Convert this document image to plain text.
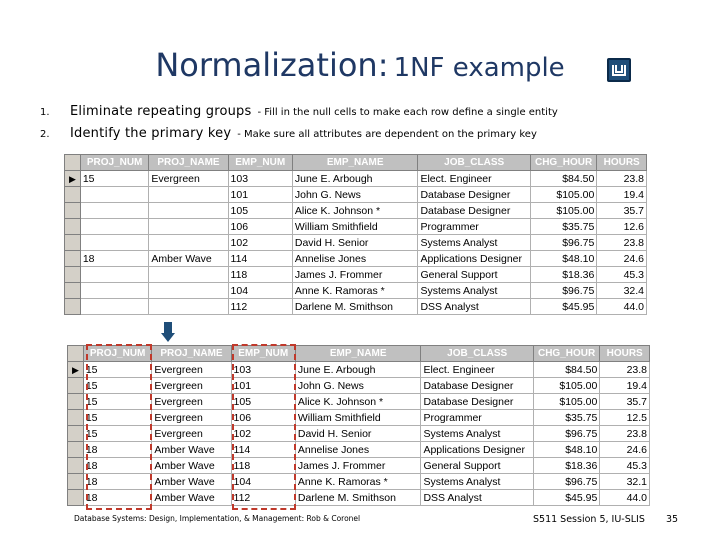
Normalization: 1NF example
1.	Eliminate repeating groups - Fill in the null cells to make each row define a single entity
2.	Identify the primary key - Make sure all attributes are dependent on the primary key
	PROJ_NUM	PROJ_NAME	EMP_NUM	EMP_NAME	JOB_CLASS	CHG_HOUR	HOURS
▶	15	Evergreen	103	June E. Arbough	Elect. Engineer	$84.50	23.8
			101	John G. News	Database Designer	$105.00	19.4
			105	Alice K. Johnson *	Database Designer	$105.00	35.7
			106	William Smithfield	Programmer	$35.75	12.6
			102	David H. Senior	Systems Analyst	$96.75	23.8
	18	Amber Wave	114	Annelise Jones	Applications Designer	$48.10	24.6
			118	James J. Frommer	General Support	$18.36	45.3
			104	Anne K. Ramoras *	Systems Analyst	$96.75	32.4
			112	Darlene M. Smithson	DSS Analyst	$45.95	44.0
	PROJ_NUM	PROJ_NAME	EMP_NUM	EMP_NAME	JOB_CLASS	CHG_HOUR	HOURS
▶	15	Evergreen	103	June E. Arbough	Elect. Engineer	$84.50	23.8
	15	Evergreen	101	John G. News	Database Designer	$105.00	19.4
	15	Evergreen	105	Alice K. Johnson *	Database Designer	$105.00	35.7
	15	Evergreen	106	William Smithfield	Programmer	$35.75	12.5
	15	Evergreen	102	David H. Senior	Systems Analyst	$96.75	23.8
	18	Amber Wave	114	Annelise Jones	Applications Designer	$48.10	24.6
	18	Amber Wave	118	James J. Frommer	General Support	$18.36	45.3
	18	Amber Wave	104	Anne K. Ramoras *	Systems Analyst	$96.75	32.1
	18	Amber Wave	112	Darlene M. Smithson	DSS Analyst	$45.95	44.0
Database Systems: Design, Implementation, & Management: Rob & Coronel	S511 Session 5, IU-SLIS 35
